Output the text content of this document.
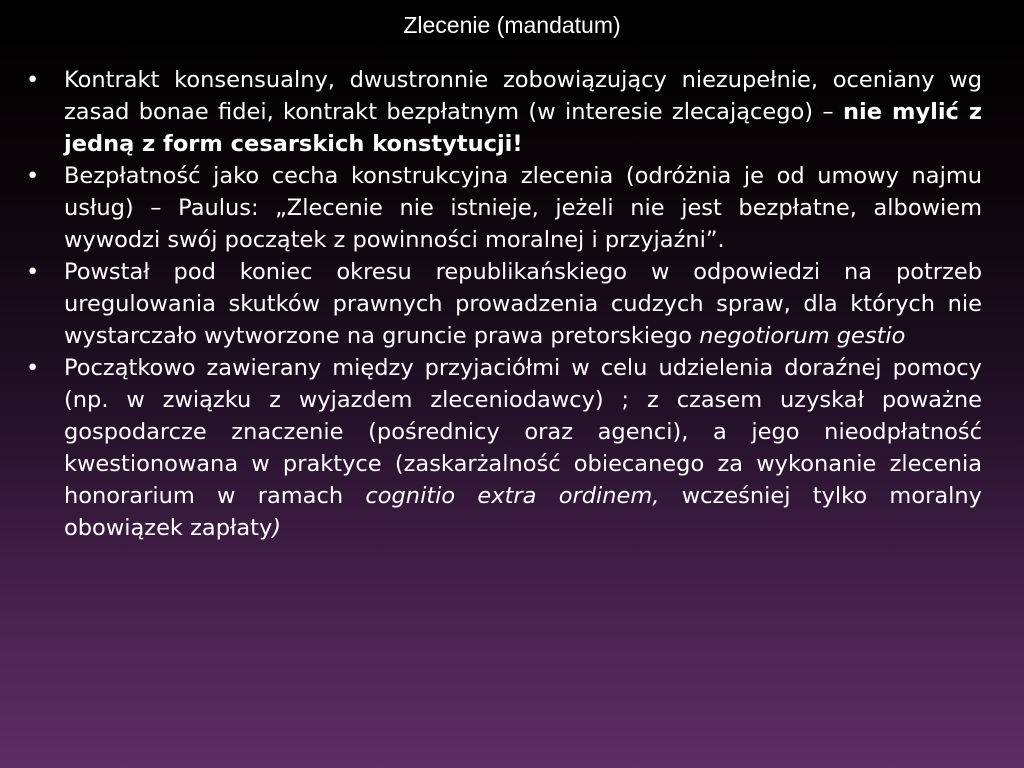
Zlecenie (mandatum)
• Kontrakt konsensualny, dwustronnie zobowiązujący niezupełnie, oceniany wg zasad bonae fidei, kontrakt bezpłatnym (w interesie zlecającego) – nie mylić z jedną z form cesarskich konstytucji!
• Bezpłatność jako cecha konstrukcyjna zlecenia (odróżnia je od umowy najmu usług) – Paulus: „Zlecenie nie istnieje, jeżeli nie jest bezpłatne, albowiem wywodzi swój początek z powinności moralnej i przyjaźni”.
• Powstał pod koniec okresu republikańskiego w odpowiedzi na potrzeb uregulowania skutków prawnych prowadzenia cudzych spraw, dla których nie wystarczało wytworzone na gruncie prawa pretorskiego negotiorum gestio
• Początkowo zawierany między przyjaciółmi w celu udzielenia doraźnej pomocy (np. w związku z wyjazdem zleceniodawcy) ; z czasem uzyskał poważne gospodarcze znaczenie (pośrednicy oraz agenci), a jego nieodpłatność kwestionowana w praktyce (zaskarżalność obiecanego za wykonanie zlecenia honorarium w ramach cognitio extra ordinem, wcześniej tylko moralny obowiązek zapłaty)
